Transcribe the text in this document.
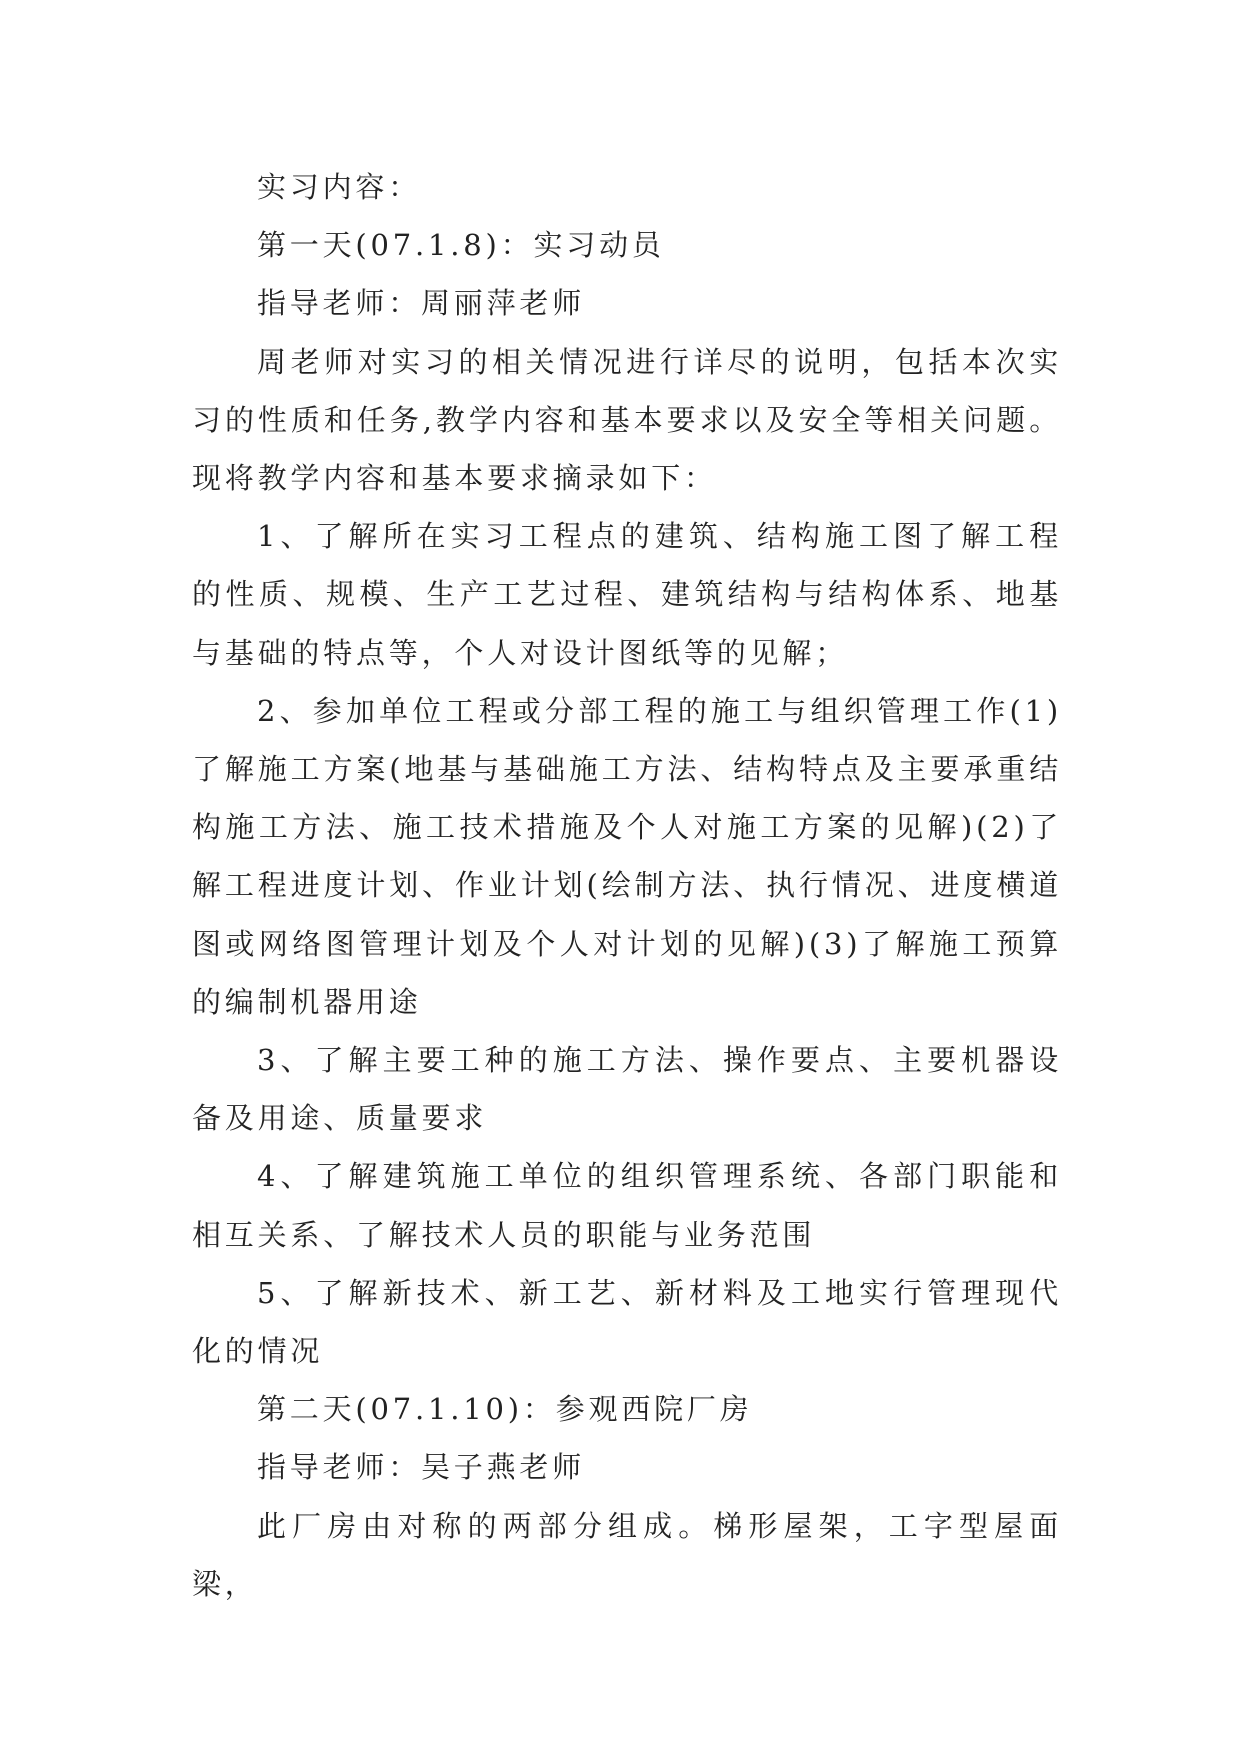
实习内容：

第一天(07.1.8)：实习动员

指导老师：周丽萍老师

周老师对实习的相关情况进行详尽的说明，包括本次实习的性质和任务,教学内容和基本要求以及安全等相关问题。现将教学内容和基本要求摘录如下：

1、了解所在实习工程点的建筑、结构施工图了解工程的性质、规模、生产工艺过程、建筑结构与结构体系、地基与基础的特点等，个人对设计图纸等的见解；

2、参加单位工程或分部工程的施工与组织管理工作(1)了解施工方案(地基与基础施工方法、结构特点及主要承重结构施工方法、施工技术措施及个人对施工方案的见解)(2)了解工程进度计划、作业计划(绘制方法、执行情况、进度横道图或网络图管理计划及个人对计划的见解)(3)了解施工预算的编制机器用途

3、了解主要工种的施工方法、操作要点、主要机器设备及用途、质量要求

4、了解建筑施工单位的组织管理系统、各部门职能和相互关系、了解技术人员的职能与业务范围

5、了解新技术、新工艺、新材料及工地实行管理现代化的情况

第二天(07.1.10)：参观西院厂房

指导老师：吴子燕老师

此厂房由对称的两部分组成。梯形屋架，工字型屋面梁，
